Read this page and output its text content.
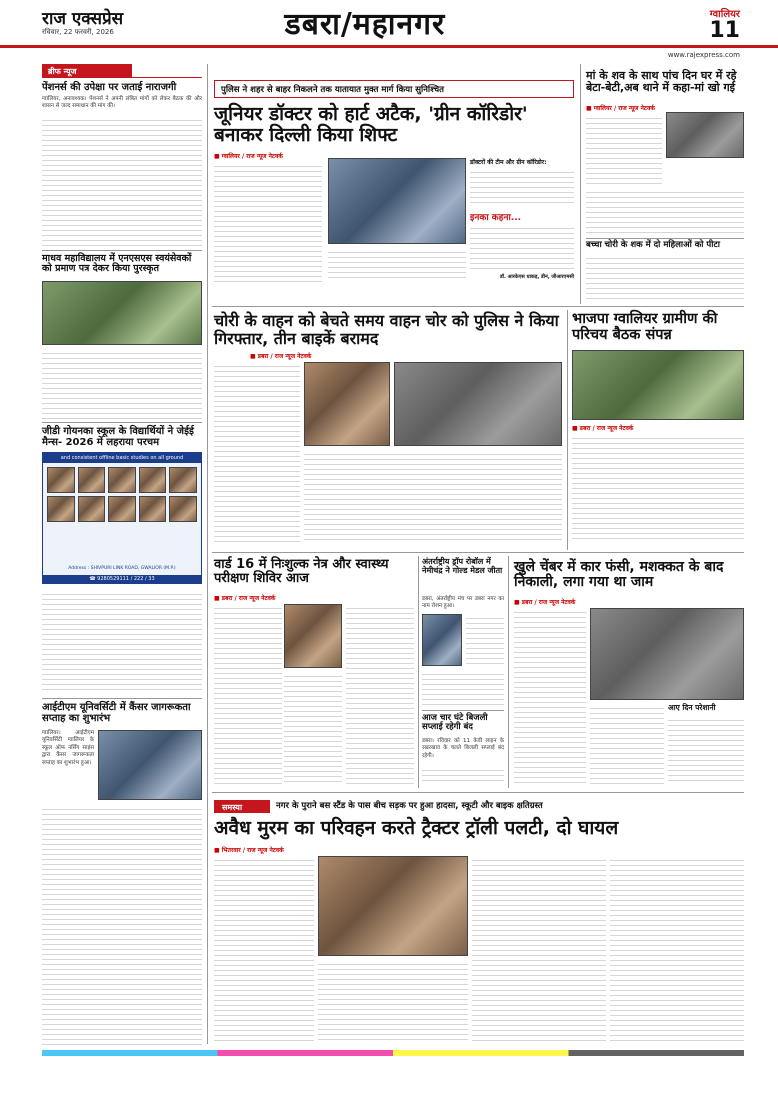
राज एक्सप्रेस
रविवार, 22 फरवरी, 2026	डबरा/महानगर	ग्वालियर
11
www.rajexpress.com
ब्रीफ न्यूज
पेंशनर्स की उपेक्षा पर जताई नाराजगी
ग्वालियर, अनावश्यक। पेंशनर्स ने अपनी लंबित मांगों को लेकर बैठक की और शासन से जल्द समाधान की मांग की।
माधव महाविद्यालय में एनएसएस स्वयंसेवकों को प्रमाण पत्र देकर किया पुरस्कृत
जीडी गोयनका स्कूल के विद्यार्थियों ने जेईई मैन्स- 2026 में लहराया परचम
and consistent offline basic studies on all ground
Address : SHIVPURI LINK ROAD, GWALIOR (M.P.)
☎ 9280529111 / 222 / 33
आईटीएम यूनिवर्सिटी में कैंसर जागरूकता सप्ताह का शुभारंभ
ग्वालियर। आईटीएम यूनिवर्सिटी ग्वालियर के स्कूल ऑफ नर्सिंग साइंस द्वारा कैंसर जागरूकता सप्ताह का शुभारंभ हुआ।
पुलिस ने शहर से बाहर निकलने तक यातायात मुक्त मार्ग किया सुनिश्चित
जूनियर डॉक्टर को हार्ट अटैक, 'ग्रीन कॉरिडोर' बनाकर दिल्ली किया शिफ्ट
■ ग्वालियर / राज न्यूज नेटवर्क
डॉक्टरों की टीम और ग्रीन कॉरिडोर:
इनका कहना...
डॉ. आरकेएस धाकड़, डीन, जीआरएमसी
मां के शव के साथ पांच दिन घर में रहे बेटा-बेटी,अब थाने में कहा-मां खो गई
■ ग्वालियर / राज न्यूज नेटवर्क
बच्चा चोरी के शक में दो महिलाओं को पीटा
चोरी के वाहन को बेचते समय वाहन चोर को पुलिस ने किया गिरफ्तार, तीन बाइकें बरामद
■ डबरा / राज न्यूज नेटवर्क
भाजपा ग्वालियर ग्रामीण की परिचय बैठक संपन्न
■ डबरा / राज न्यूज नेटवर्क
वार्ड 16 में निःशुल्क नेत्र और स्वास्थ्य परीक्षण शिविर आज
■ डबरा / राज न्यूज नेटवर्क
अंतर्राष्ट्रीय ड्रॉप रोबॉल में नेमीचंद्र ने गोल्ड मेडल जीता
डबरा, अंतर्राष्ट्रीय मंच पर डबरा नगर का नाम रोशन हुआ।
आज चार घंटे बिजली सप्लाई रहेगी बंद
डबरा। रविवार को 11 केवी लाइन के रखरखाव के चलते बिजली सप्लाई बंद रहेगी।
खुले चेंबर में कार फंसी, मशक्कत के बाद निकाली, लगा गया था जाम
■ डबरा / राज न्यूज नेटवर्क
आए दिन परेशानी
समस्या	नगर के पुराने बस स्टैंड के पास बीच सड़क पर हुआ हादसा, स्कूटी और बाइक क्षतिग्रस्त
अवैध मुरम का परिवहन करते ट्रैक्टर ट्रॉली पलटी, दो घायल
■ भितरवार / राज न्यूज नेटवर्क
